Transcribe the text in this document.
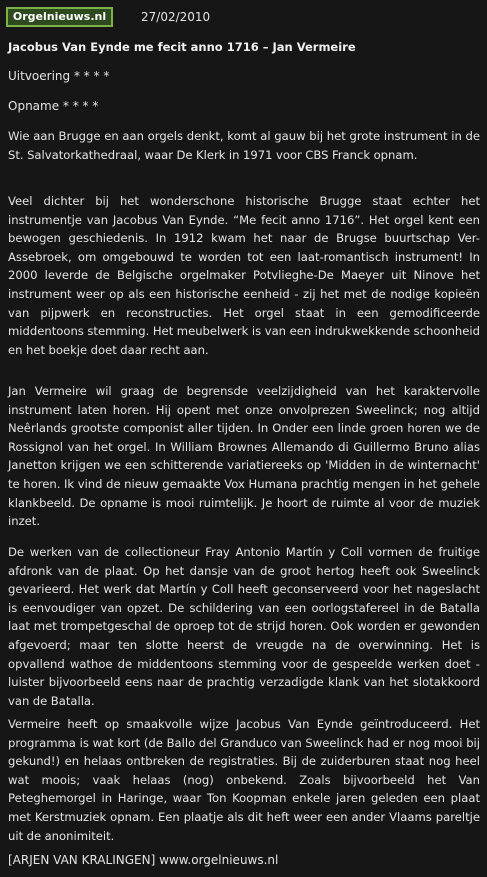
Orgelnieuws.nl	27/02/2010
Jacobus Van Eynde me fecit anno 1716 – Jan Vermeire

Uitvoering * * * *

Opname * * * *

Wie aan Brugge en aan orgels denkt, komt al gauw bij het grote instrument in de St. Salvatorkathedraal, waar De Klerk in 1971 voor CBS Franck opnam.

Veel dichter bij het wonderschone historische Brugge staat echter het instrumentje van Jacobus Van Eynde. “Me fecit anno 1716”. Het orgel kent een bewogen geschiedenis. In 1912 kwam het naar de Brugse buurtschap Ver-Assebroek, om omgebouwd te worden tot een laat-romantisch instrument! In 2000 leverde de Belgische orgelmaker Potvlieghe-De Maeyer uit Ninove het instrument weer op als een historische eenheid - zij het met de nodige kopieën van pijpwerk en reconstructies. Het orgel staat in een gemodificeerde middentoons stemming. Het meubelwerk is van een indrukwekkende schoonheid en het boekje doet daar recht aan.

Jan Vermeire wil graag de begrensde veelzijdigheid van het karaktervolle instrument laten horen. Hij opent met onze onvolprezen Sweelinck; nog altijd Neêrlands grootste componist aller tijden. In Onder een linde groen horen we de Rossignol van het orgel. In William Brownes Allemando di Guillermo Bruno alias Janetton krijgen we een schitterende variatiereeks op 'Midden in de winternacht' te horen. Ik vind de nieuw gemaakte Vox Humana prachtig mengen in het gehele klankbeeld. De opname is mooi ruimtelijk. Je hoort de ruimte al voor de muziek inzet.

De werken van de collectioneur Fray Antonio Martín y Coll vormen de fruitige afdronk van de plaat. Op het dansje van de groot hertog heeft ook Sweelinck gevarieerd. Het werk dat Martín y Coll heeft geconserveerd voor het nageslacht is eenvoudiger van opzet. De schildering van een oorlogstafereel in de Batalla laat met trompetgeschal de oproep tot de strijd horen. Ook worden er gewonden afgevoerd; maar ten slotte heerst de vreugde na de overwinning. Het is opvallend wathoe de middentoons stemming voor de gespeelde werken doet - luister bijvoorbeeld eens naar de prachtig verzadigde klank van het slotakkoord van de Batalla.

Vermeire heeft op smaakvolle wijze Jacobus Van Eynde geïntroduceerd. Het programma is wat kort (de Ballo del Granduco van Sweelinck had er nog mooi bij gekund!) en helaas ontbreken de registraties. Bij de zuiderburen staat nog heel wat moois; vaak helaas (nog) onbekend. Zoals bijvoorbeeld het Van Peteghemorgel in Haringe, waar Ton Koopman enkele jaren geleden een plaat met Kerstmuziek opnam. Een plaatje als dit heft weer een ander Vlaams pareltje uit de anonimiteit.

[ARJEN VAN KRALINGEN] www.orgelnieuws.nl
